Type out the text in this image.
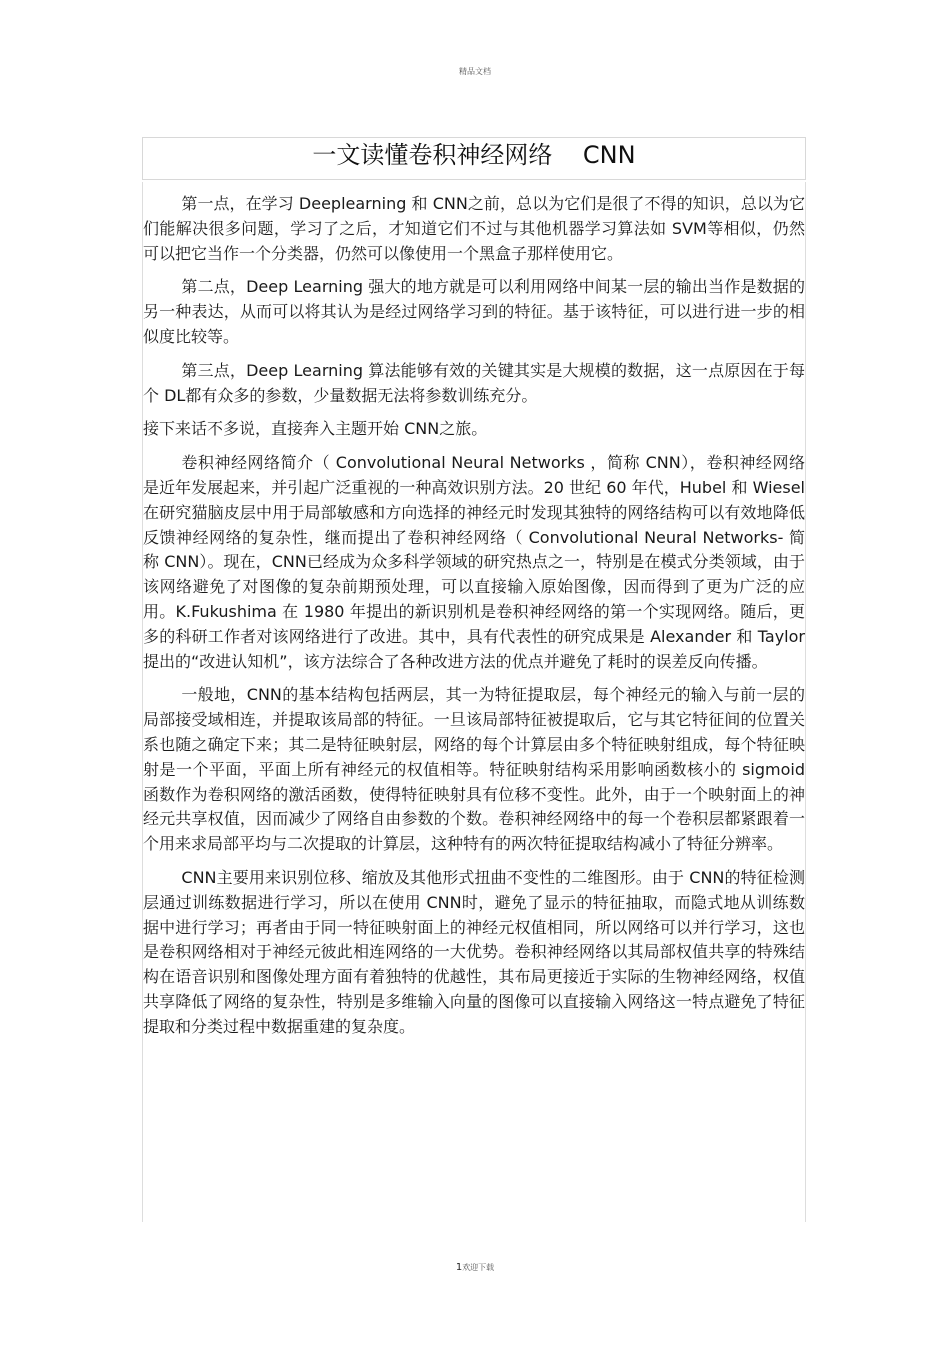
精品文档
一文读懂卷积神经网络    CNN

第一点，在学习 Deeplearning 和 CNN之前，总以为它们是很了不得的知识，总以为它们能解决很多问题，学习了之后，才知道它们不过与其他机器学习算法如 SVM等相似，仍然可以把它当作一个分类器，仍然可以像使用一个黑盒子那样使用它。

第二点，Deep Learning 强大的地方就是可以利用网络中间某一层的输出当作是数据的另一种表达，从而可以将其认为是经过网络学习到的特征。基于该特征，可以进行进一步的相似度比较等。

第三点，Deep Learning 算法能够有效的关键其实是大规模的数据，这一点原因在于每个 DL都有众多的参数，少量数据无法将参数训练充分。

接下来话不多说，直接奔入主题开始 CNN之旅。

卷积神经网络简介（ Convolutional Neural Networks ，简称 CNN），卷积神经网络是近年发展起来，并引起广泛重视的一种高效识别方法。20 世纪 60 年代，Hubel 和 Wiesel 在研究猫脑皮层中用于局部敏感和方向选择的神经元时发现其独特的网络结构可以有效地降低反馈神经网络的复杂性，继而提出了卷积神经网络（ Convolutional Neural Networks- 简称 CNN）。现在，CNN已经成为众多科学领域的研究热点之一，特别是在模式分类领域，由于该网络避免了对图像的复杂前期预处理，可以直接输入原始图像，因而得到了更为广泛的应用。K.Fukushima 在 1980 年提出的新识别机是卷积神经网络的第一个实现网络。随后，更多的科研工作者对该网络进行了改进。其中，具有代表性的研究成果是 Alexander 和 Taylor 提出的“改进认知机”，该方法综合了各种改进方法的优点并避免了耗时的误差反向传播。

一般地，CNN的基本结构包括两层，其一为特征提取层，每个神经元的输入与前一层的局部接受域相连，并提取该局部的特征。一旦该局部特征被提取后，它与其它特征间的位置关系也随之确定下来；其二是特征映射层，网络的每个计算层由多个特征映射组成，每个特征映射是一个平面，平面上所有神经元的权值相等。特征映射结构采用影响函数核小的 sigmoid 函数作为卷积网络的激活函数，使得特征映射具有位移不变性。此外，由于一个映射面上的神经元共享权值，因而减少了网络自由参数的个数。卷积神经网络中的每一个卷积层都紧跟着一个用来求局部平均与二次提取的计算层，这种特有的两次特征提取结构减小了特征分辨率。

CNN主要用来识别位移、缩放及其他形式扭曲不变性的二维图形。由于 CNN的特征检测层通过训练数据进行学习，所以在使用 CNN时，避免了显示的特征抽取，而隐式地从训练数据中进行学习；再者由于同一特征映射面上的神经元权值相同，所以网络可以并行学习，这也是卷积网络相对于神经元彼此相连网络的一大优势。卷积神经网络以其局部权值共享的特殊结构在语音识别和图像处理方面有着独特的优越性，其布局更接近于实际的生物神经网络，权值共享降低了网络的复杂性，特别是多维输入向量的图像可以直接输入网络这一特点避免了特征提取和分类过程中数据重建的复杂度。

1欢迎下载
